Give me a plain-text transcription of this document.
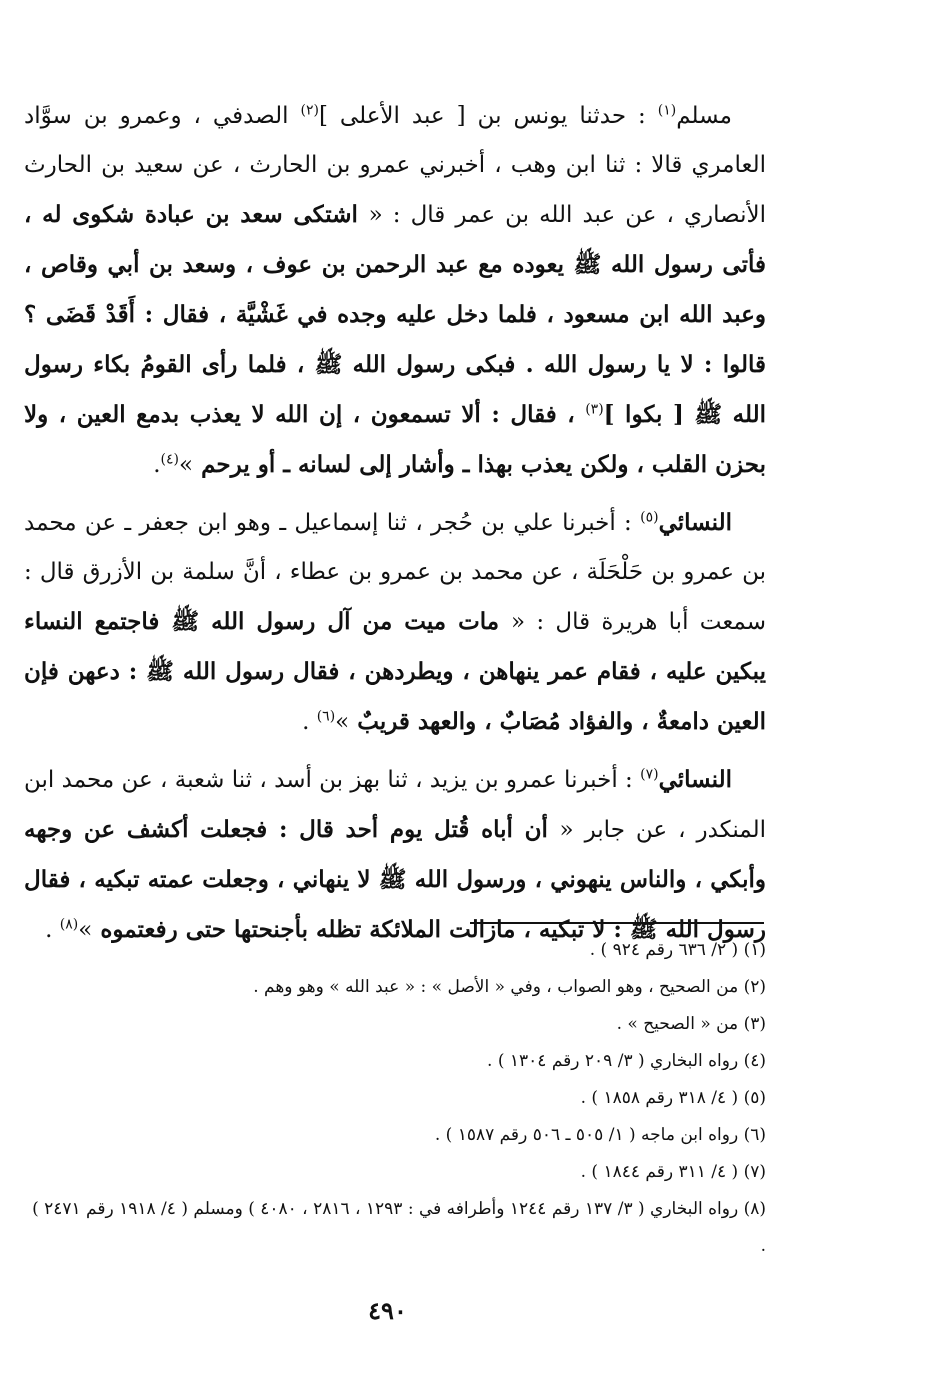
مسلم$^{(١)}$ : حدثنا يونس بن [ عبد الأعلى ]$^{(٢)}$ الصدفي ، وعمرو بن سوَّاد العامري قالا : ثنا ابن وهب ، أخبرني عمرو بن الحارث ، عن سعيد بن الحارث الأنصاري ، عن عبد الله بن عمر قال : « اشتكى سعد بن عبادة شكوى له ، فأتى رسول الله ﷺ يعوده مع عبد الرحمن بن عوف ، وسعد بن أبي وقاص ، وعبد الله ابن مسعود ، فلما دخل عليه وجده في غَشْيَّة ، فقال : أَقَدْ قَضَى ؟ قالوا : لا يا رسول الله . فبكى رسول الله ﷺ ، فلما رأى القومُ بكاء رسول الله ﷺ [ بكوا ]$^{(٣)}$ ، فقال : ألا تسمعون ، إن الله لا يعذب بدمع العين ، ولا بحزن القلب ، ولكن يعذب بهذا ـ وأشار إلى لسانه ـ أو يرحم »$^{(٤)}$.

النسائي$^{(٥)}$ : أخبرنا علي بن حُجر ، ثنا إسماعيل ـ وهو ابن جعفر ـ عن محمد بن عمرو بن حَلْحَلَة ، عن محمد بن عمرو بن عطاء ، أنَّ سلمة بن الأزرق قال : سمعت أبا هريرة قال : « مات ميت من آل رسول الله ﷺ فاجتمع النساء يبكين عليه ، فقام عمر ينهاهن ، ويطردهن ، فقال رسول الله ﷺ : دعهن فإن العين دامعةٌ ، والفؤاد مُصَابٌ ، والعهد قريبٌ »$^{(٦)}$ .

النسائي$^{(٧)}$ : أخبرنا عمرو بن يزيد ، ثنا بهز بن أسد ، ثنا شعبة ، عن محمد ابن المنكدر ، عن جابر « أن أباه قُتل يوم أحد قال : فجعلت أكشف عن وجهه وأبكي ، والناس ينهوني ، ورسول الله ﷺ لا ينهاني ، وجعلت عمته تبكيه ، فقال رسول الله ﷺ : لا تبكيه ، مازالت الملائكة تظله بأجنحتها حتى رفعتموه »$^{(٨)}$ .

(١) ( ٢/ ٦٣٦ رقم ٩٢٤ ) .

(٢) من الصحيح ، وهو الصواب ، وفي « الأصل » : « عبد الله » وهو وهم .

(٣) من « الصحيح » .

(٤) رواه البخاري ( ٣/ ٢٠٩ رقم ١٣٠٤ ) .

(٥) ( ٤/ ٣١٨ رقم ١٨٥٨ ) .

(٦) رواه ابن ماجه ( ١/ ٥٠٥ ـ ٥٠٦ رقم ١٥٨٧ ) .

(٧) ( ٤/ ٣١١ رقم ١٨٤٤ ) .

(٨) رواه البخاري ( ٣/ ١٣٧ رقم ١٢٤٤ وأطرافه في : ١٢٩٣ ، ٢٨١٦ ، ٤٠٨٠ ) ومسلم ( ٤/ ١٩١٨ رقم ٢٤٧١ ) .

٤٩٠
